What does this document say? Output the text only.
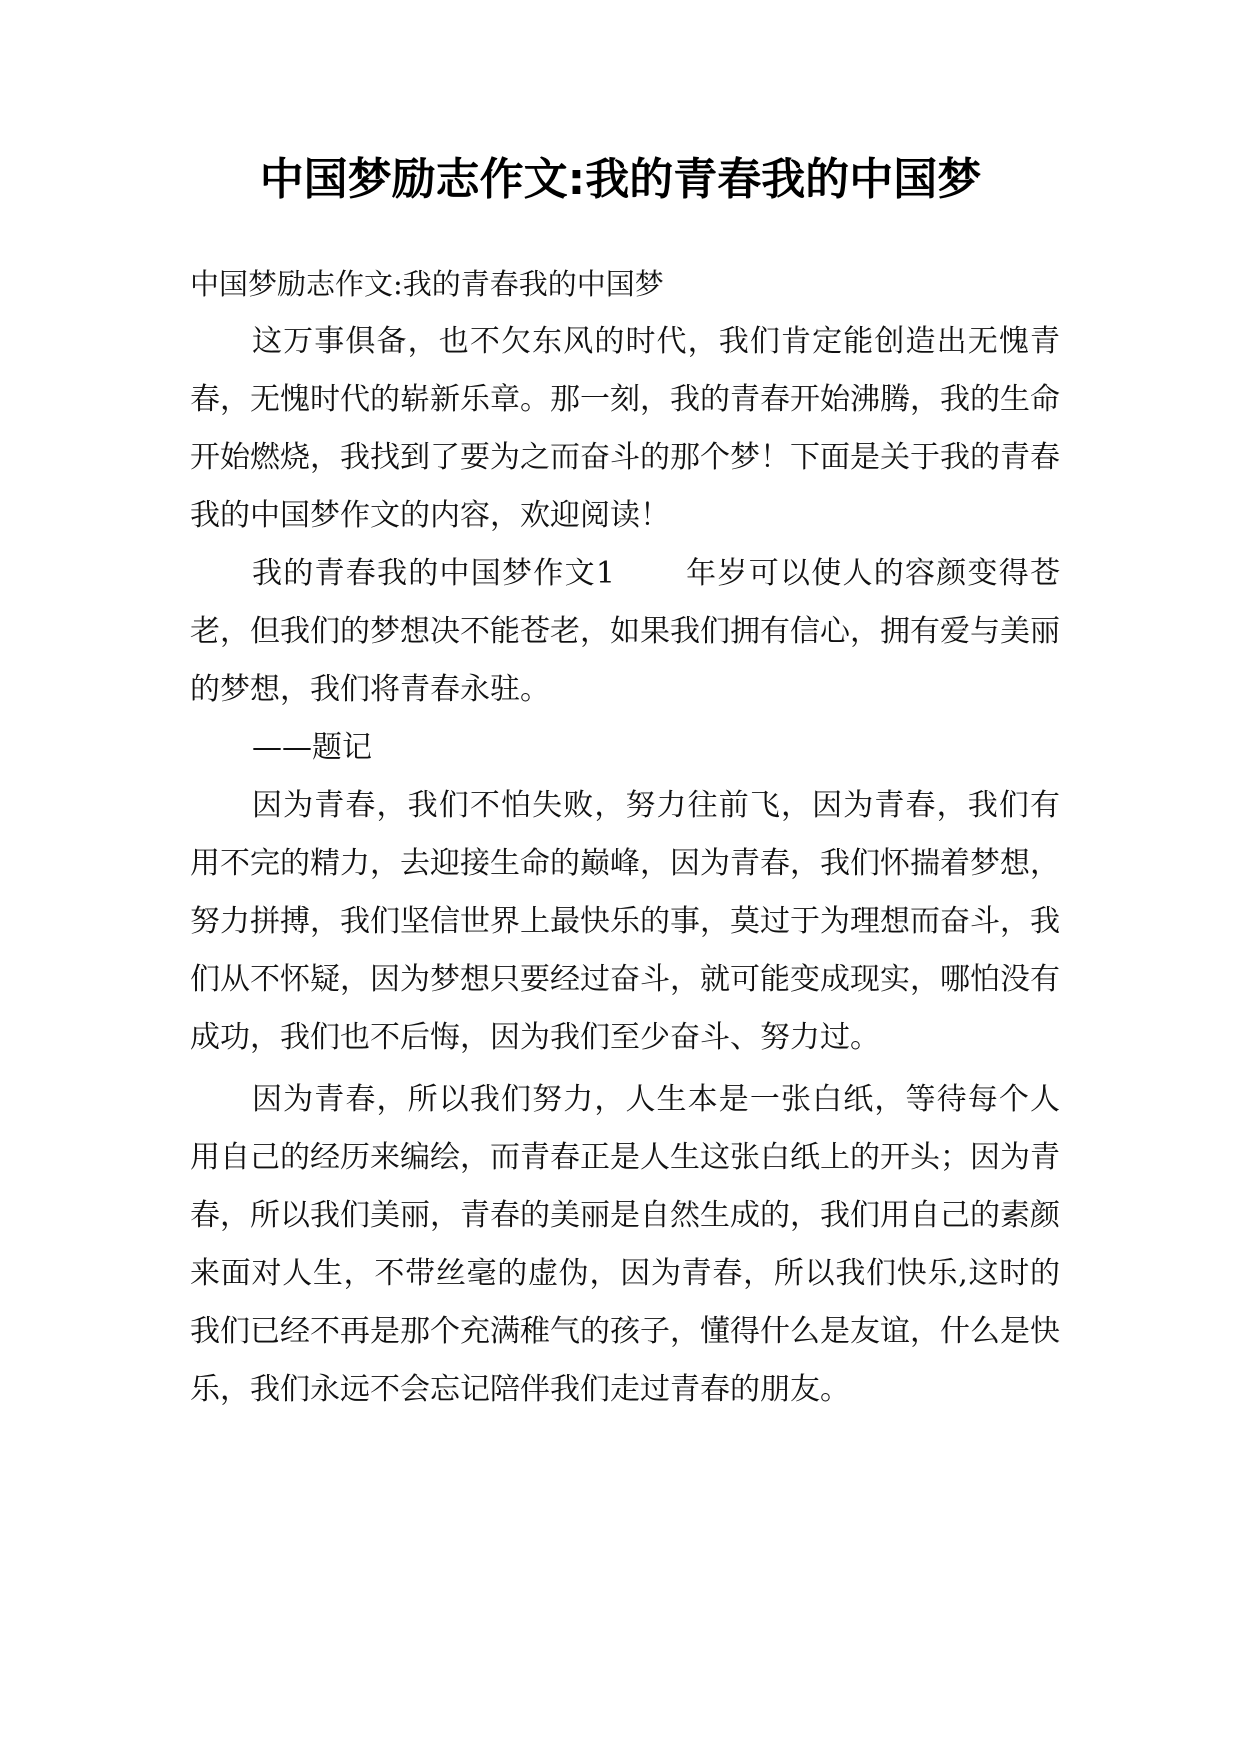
中国梦励志作文:我的青春我的中国梦

中国梦励志作文:我的青春我的中国梦

这万事俱备，也不欠东风的时代，我们肯定能创造出无愧青春，无愧时代的崭新乐章。那一刻，我的青春开始沸腾，我的生命开始燃烧，我找到了要为之而奋斗的那个梦！下面是关于我的青春我的中国梦作文的内容，欢迎阅读！

我的青春我的中国梦作文1 年岁可以使人的容颜变得苍老，但我们的梦想决不能苍老，如果我们拥有信心，拥有爱与美丽的梦想，我们将青春永驻。

——题记

因为青春，我们不怕失败，努力往前飞，因为青春，我们有用不完的精力，去迎接生命的巅峰，因为青春，我们怀揣着梦想，努力拼搏，我们坚信世界上最快乐的事，莫过于为理想而奋斗，我们从不怀疑，因为梦想只要经过奋斗，就可能变成现实，哪怕没有成功，我们也不后悔，因为我们至少奋斗、努力过。

因为青春，所以我们努力，人生本是一张白纸，等待每个人用自己的经历来编绘，而青春正是人生这张白纸上的开头；因为青春，所以我们美丽，青春的美丽是自然生成的，我们用自己的素颜来面对人生，不带丝毫的虚伪，因为青春，所以我们快乐,这时的我们已经不再是那个充满稚气的孩子，懂得什么是友谊，什么是快乐，我们永远不会忘记陪伴我们走过青春的朋友。
